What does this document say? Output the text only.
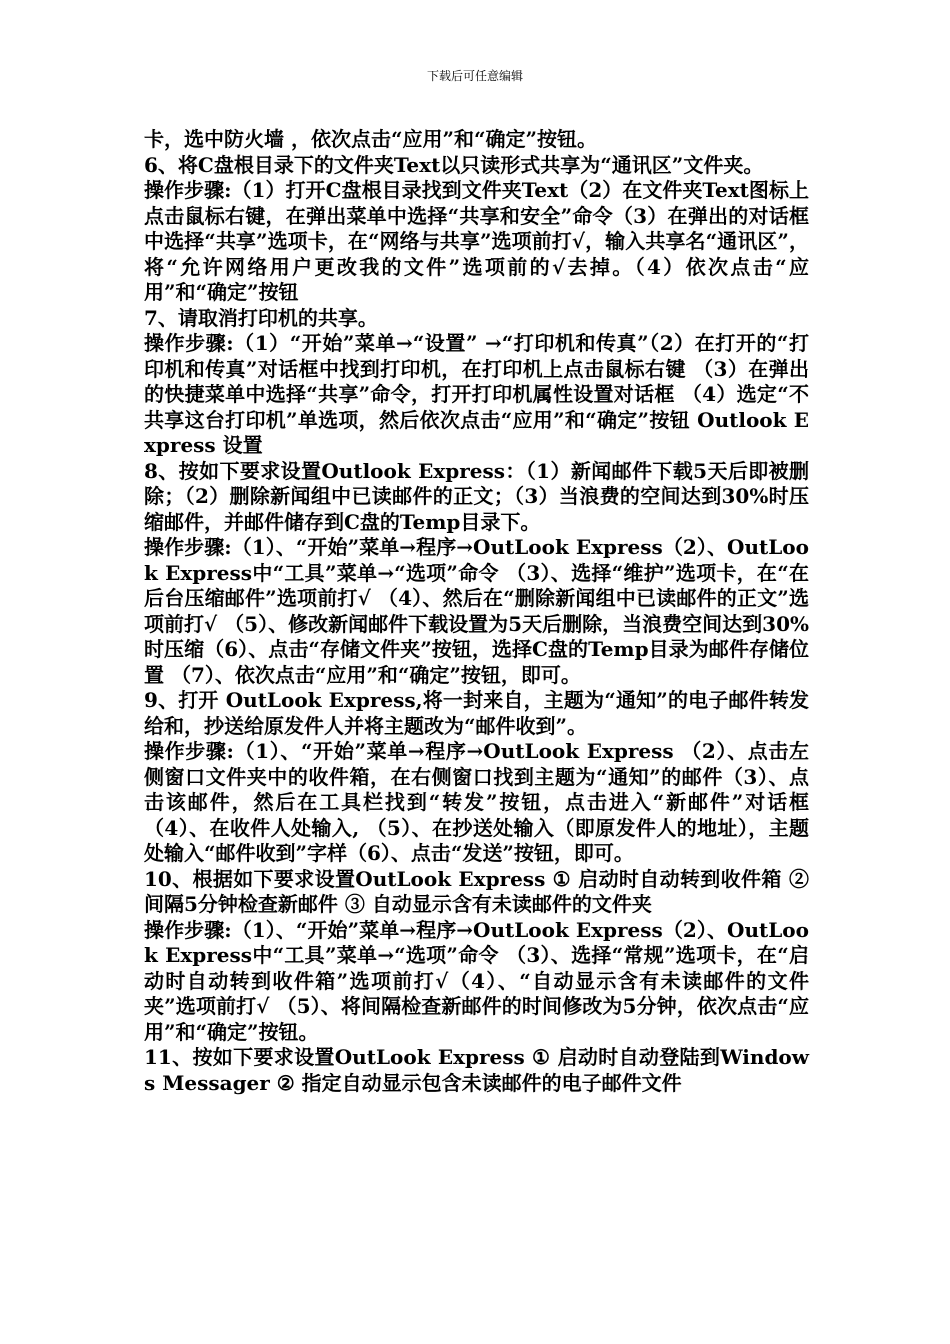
下载后可任意编辑

卡，选中防火墙 ，依次点击“应用”和“确定”按钮。

6、将C盘根目录下的文件夹Text以只读形式共享为“通讯区”文件夹。

操作步骤:（1）打开C盘根目录找到文件夹Text（2）在文件夹Text图标上点击鼠标右键，在弹出菜单中选择“共享和安全”命令（3）在弹出的对话框中选择“共享”选项卡，在“网络与共享”选项前打√，输入共享名“通讯区”，将“允许网络用户更改我的文件”选项前的√去掉。（4）依次点击“应用”和“确定”按钮

7、请取消打印机的共享。

操作步骤:（1）“开始”菜单→“设置” →“打印机和传真”（2）在打开的“打印机和传真”对话框中找到打印机，在打印机上点击鼠标右键 （3）在弹出的快捷菜单中选择“共享”命令，打开打印机属性设置对话框 （4）选定“不共享这台打印机”单选项，然后依次点击“应用”和“确定”按钮 Outlook Express 设置

8、按如下要求设置Outlook Express：（1）新闻邮件下载5天后即被删除；（2）删除新闻组中已读邮件的正文；（3）当浪费的空间达到30%时压缩邮件，并邮件储存到C盘的Temp目录下。

操作步骤:（1）、“开始”菜单→程序→OutLook Express（2）、OutLook Express中“工具”菜单→“选项”命令 （3）、选择“维护”选项卡，在“在后台压缩邮件”选项前打√ （4）、然后在“删除新闻组中已读邮件的正文”选项前打√ （5）、修改新闻邮件下载设置为5天后删除，当浪费空间达到30%时压缩（6）、点击“存储文件夹”按钮，选择C盘的Temp目录为邮件存储位置 （7）、依次点击“应用”和“确定”按钮，即可。

9、打开 OutLook Express,将一封来自，主题为“通知”的电子邮件转发 给和，抄送给原发件人并将主题改为“邮件收到”。

操作步骤:（1）、“开始”菜单→程序→OutLook Express （2）、点击左侧窗口文件夹中的收件箱，在右侧窗口找到主题为“通知”的邮件（3）、点击该邮件，然后在工具栏找到“转发”按钮，点击进入“新邮件”对话框（4）、在收件人处输入, （5）、在抄送处输入（即原发件人的地址），主题处输入“邮件收到”字样（6）、点击“发送”按钮，即可。

10、根据如下要求设置OutLook Express ① 启动时自动转到收件箱 ② 间隔5分钟检查新邮件 ③ 自动显示含有未读邮件的文件夹

操作步骤:（1）、“开始”菜单→程序→OutLook Express（2）、OutLook Express中“工具”菜单→“选项”命令 （3）、选择“常规”选项卡，在“启动时自动转到收件箱”选项前打√（4）、“自动显示含有未读邮件的文件夹”选项前打√ （5）、将间隔检查新邮件的时间修改为5分钟，依次点击“应用”和“确定”按钮。

11、按如下要求设置OutLook Express ① 启动时自动登陆到Windows Messager ② 指定自动显示包含未读邮件的电子邮件文件
